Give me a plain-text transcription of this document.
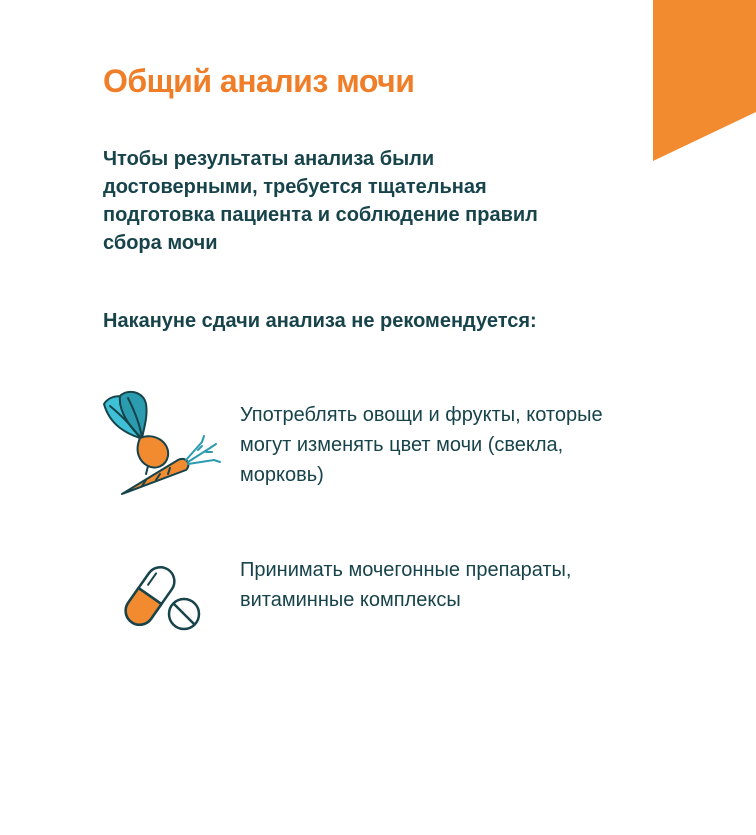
Общий анализ мочи

Чтобы результаты анализа были достоверными, требуется тщательная подготовка пациента и соблюдение правил сбора мочи

Накануне сдачи анализа не рекомендуется:

Употреблять овощи и фрукты, которые могут изменять цвет мочи (свекла, морковь)

Принимать мочегонные препараты, витаминные комплексы
